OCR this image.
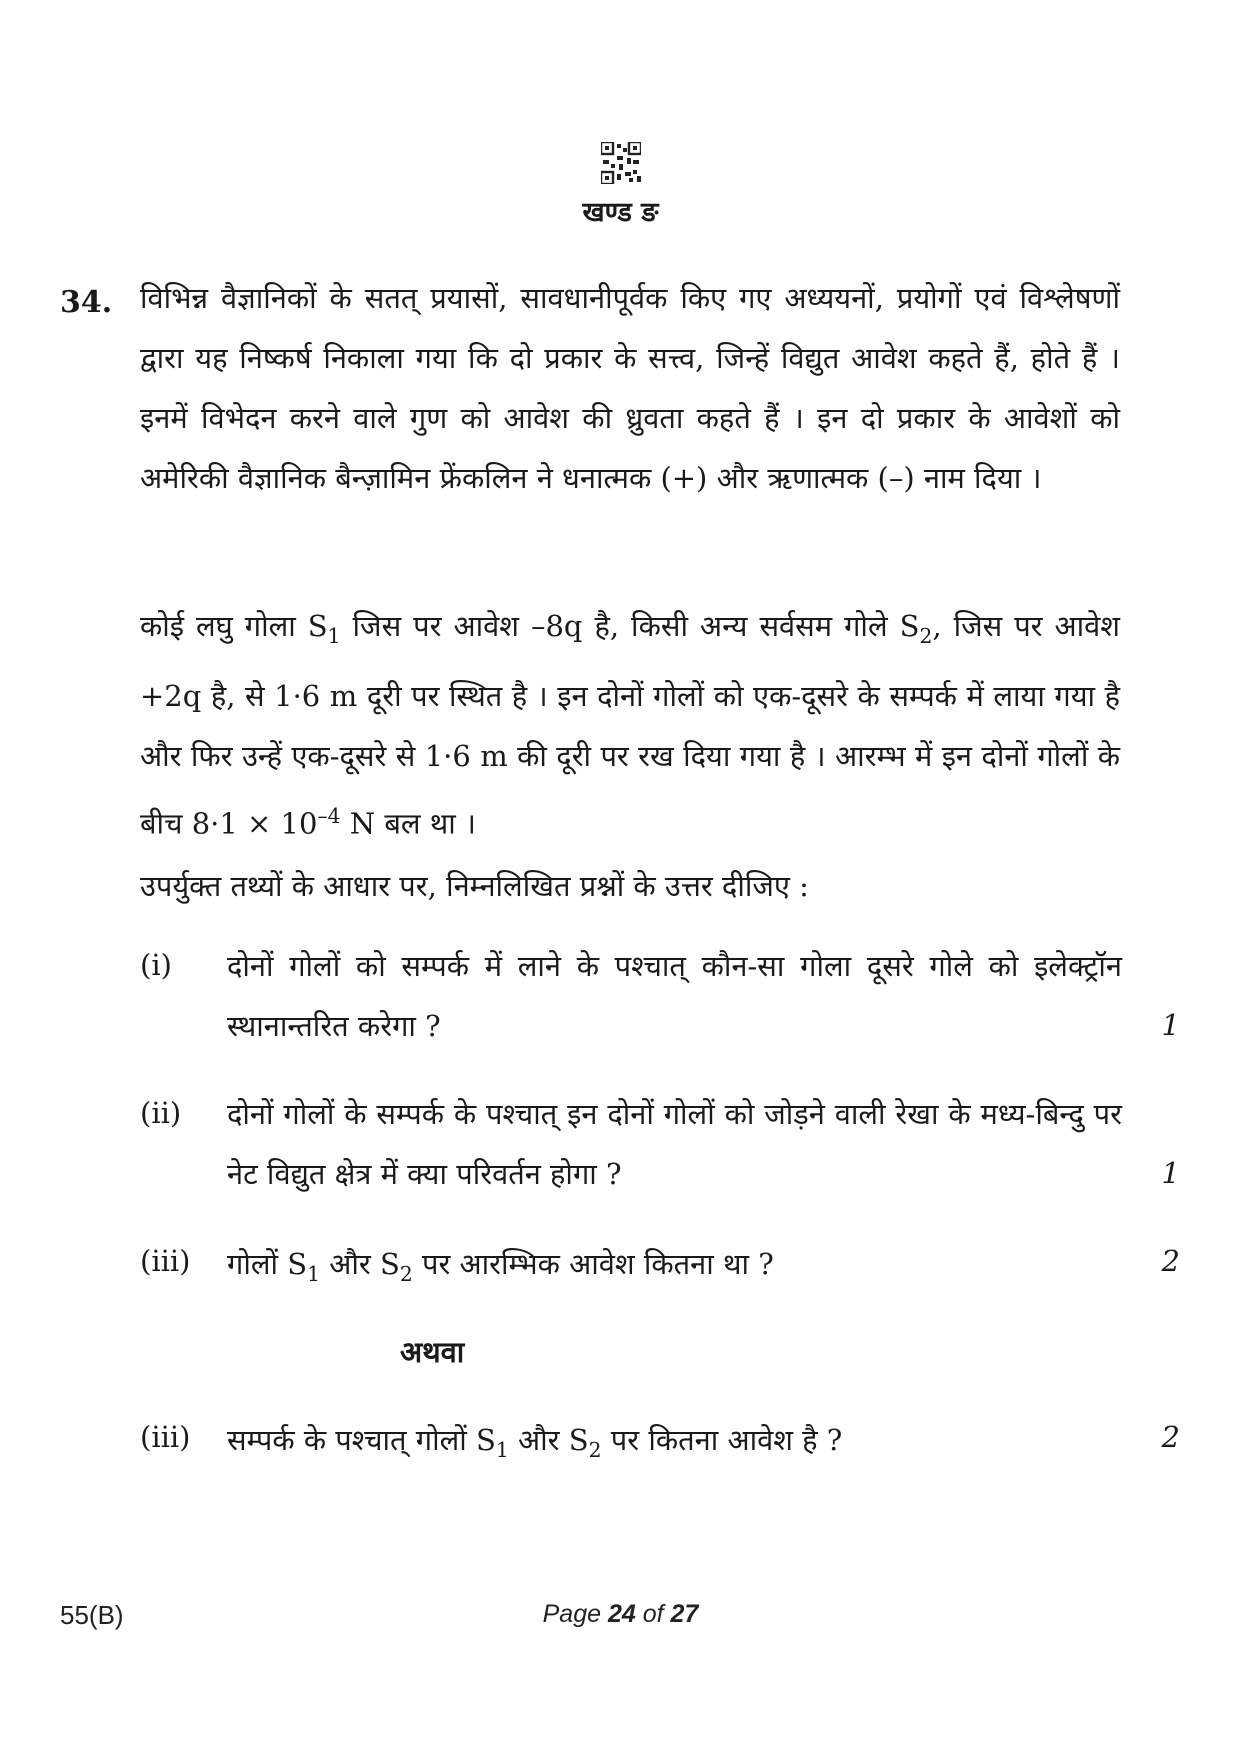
खण्ड ङ
34. विभिन्न वैज्ञानिकों के सतत् प्रयासों, सावधानीपूर्वक किए गए अध्ययनों, प्रयोगों एवं विश्लेषणों द्वारा यह निष्कर्ष निकाला गया कि दो प्रकार के सत्त्व, जिन्हें विद्युत आवेश कहते हैं, होते हैं । इनमें विभेदन करने वाले गुण को आवेश की ध्रुवता कहते हैं । इन दो प्रकार के आवेशों को अमेरिकी वैज्ञानिक बैन्ज़ामिन फ्रेंकलिन ने धनात्मक (+) और ऋणात्मक (–) नाम दिया ।

कोई लघु गोला $S_1$ जिस पर आवेश –8q है, किसी अन्य सर्वसम गोले $S_2$, जिस पर आवेश +2q है, से 1·6 m दूरी पर स्थित है । इन दोनों गोलों को एक-दूसरे के सम्पर्क में लाया गया है और फिर उन्हें एक-दूसरे से 1·6 m की दूरी पर रख दिया गया है । आरम्भ में इन दोनों गोलों के बीच $8\cdot 1 \times 10^{-4}$ N बल था ।

उपर्युक्त तथ्यों के आधार पर, निम्नलिखित प्रश्नों के उत्तर दीजिए :

(i) दोनों गोलों को सम्पर्क में लाने के पश्चात् कौन-सा गोला दूसरे गोले को इलेक्ट्रॉन स्थानान्तरित करेगा ?	1
(ii) दोनों गोलों के सम्पर्क के पश्चात् इन दोनों गोलों को जोड़ने वाली रेखा के मध्य-बिन्दु पर नेट विद्युत क्षेत्र में क्या परिवर्तन होगा ?	1
(iii) गोलों $S_1$ और $S_2$ पर आरम्भिक आवेश कितना था ?	2
अथवा
(iii) सम्पर्क के पश्चात् गोलों $S_1$ और $S_2$ पर कितना आवेश है ?	2
55(B)	Page 24 of 27
